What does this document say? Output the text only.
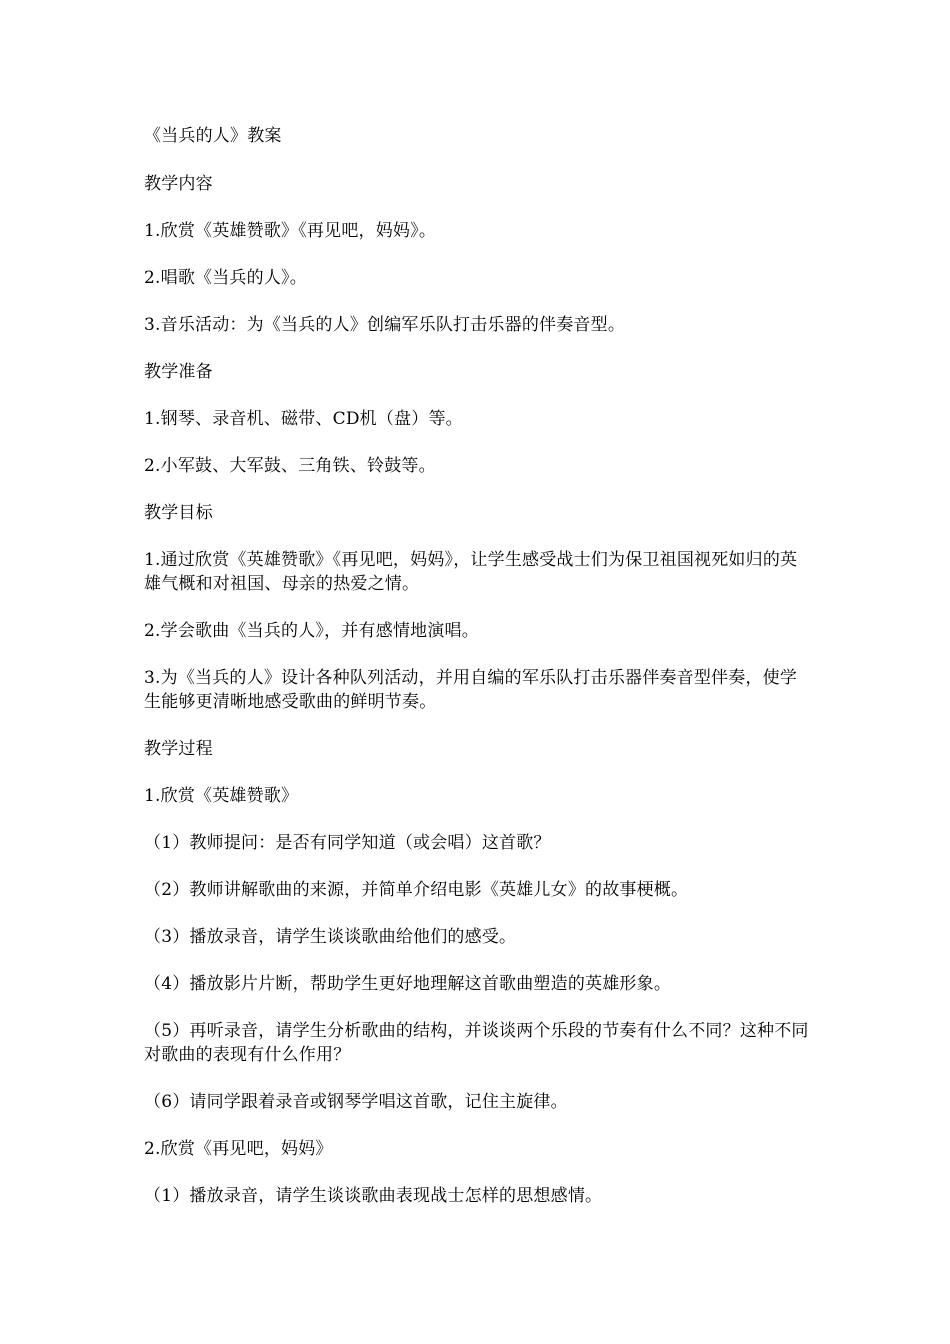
《当兵的人》教案

教学内容

1.欣赏《英雄赞歌》《再见吧，妈妈》。

2.唱歌《当兵的人》。

3.音乐活动：为《当兵的人》创编军乐队打击乐器的伴奏音型。

教学准备

1.钢琴、录音机、磁带、CD机（盘）等。

2.小军鼓、大军鼓、三角铁、铃鼓等。

教学目标

1.通过欣赏《英雄赞歌》《再见吧，妈妈》，让学生感受战士们为保卫祖国视死如归的英雄气概和对祖国、母亲的热爱之情。

2.学会歌曲《当兵的人》，并有感情地演唱。

3.为《当兵的人》设计各种队列活动，并用自编的军乐队打击乐器伴奏音型伴奏，使学生能够更清晰地感受歌曲的鲜明节奏。

教学过程

1.欣赏《英雄赞歌》

（1）教师提问：是否有同学知道（或会唱）这首歌？

（2）教师讲解歌曲的来源，并简单介绍电影《英雄儿女》的故事梗概。

（3）播放录音，请学生谈谈歌曲给他们的感受。

（4）播放影片片断，帮助学生更好地理解这首歌曲塑造的英雄形象。

（5）再听录音，请学生分析歌曲的结构，并谈谈两个乐段的节奏有什么不同？这种不同对歌曲的表现有什么作用？

（6）请同学跟着录音或钢琴学唱这首歌，记住主旋律。

2.欣赏《再见吧，妈妈》

（1）播放录音，请学生谈谈歌曲表现战士怎样的思想感情。
